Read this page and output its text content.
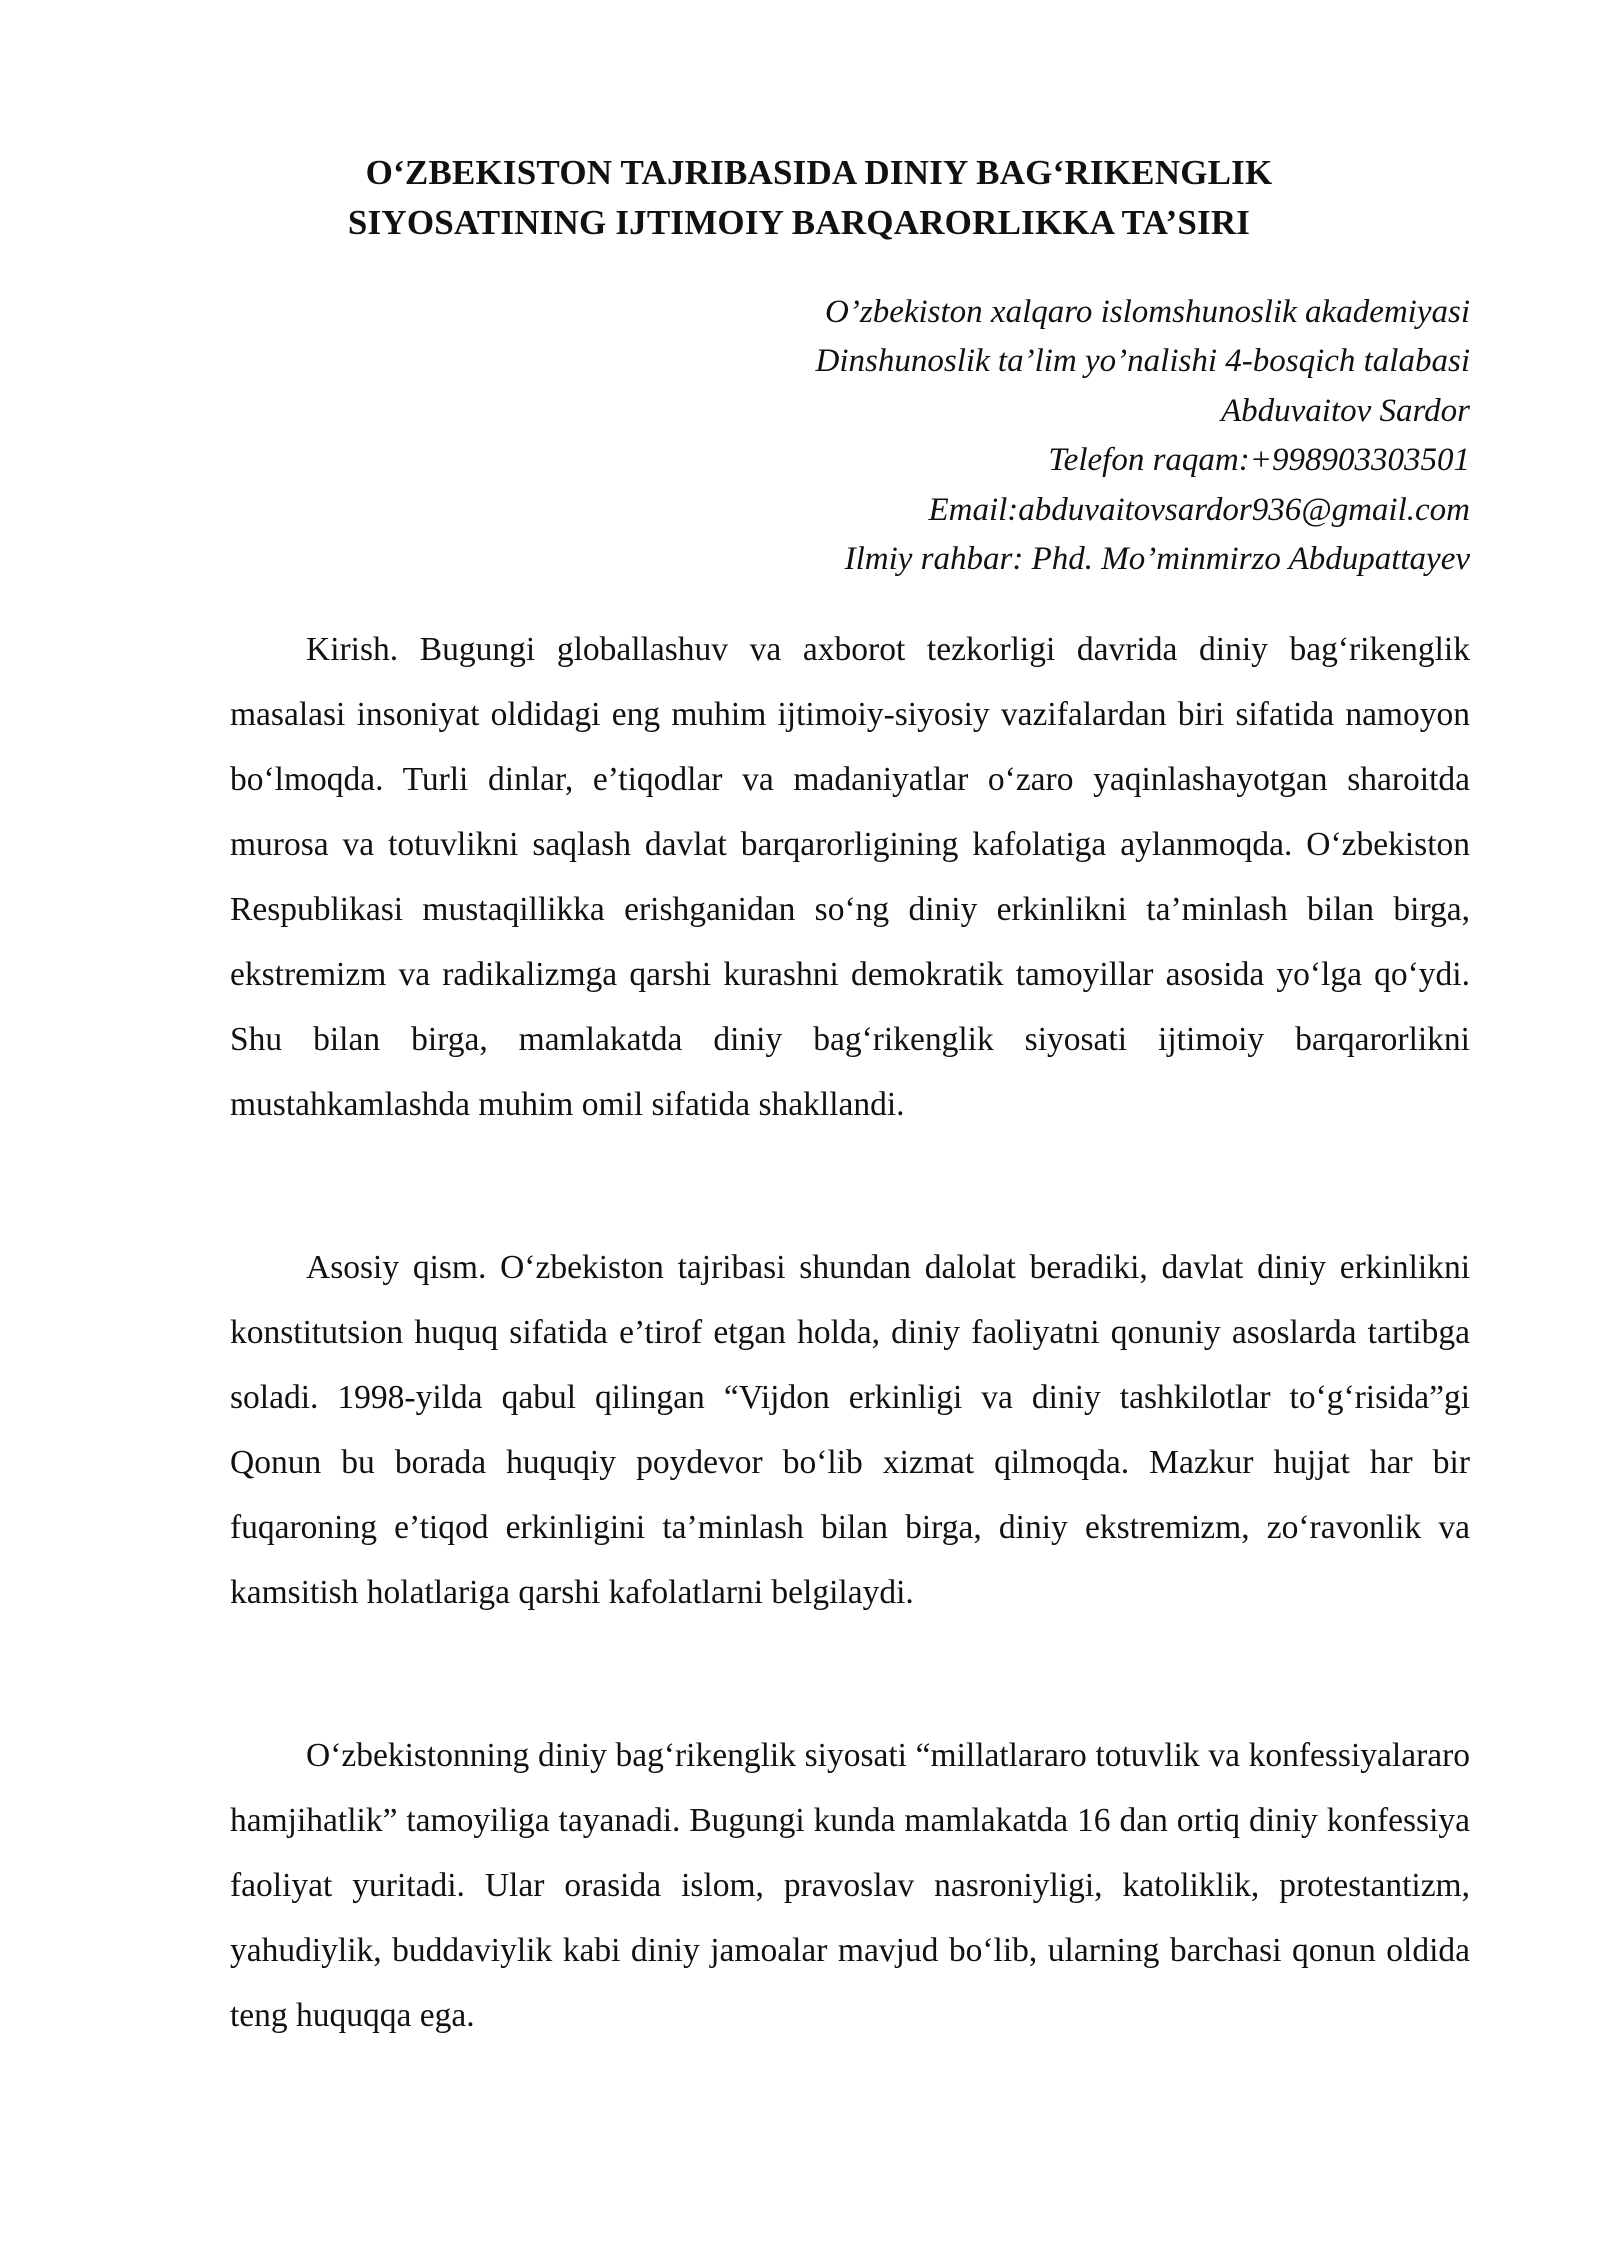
O‘ZBEKISTON TAJRIBASIDA DINIY BAG‘RIKENGLIK
SIYOSATINING IJTIMOIY BARQARORLIKKA TA’SIRI
O’zbekiston xalqaro islomshunoslik akademiyasi
Dinshunoslik ta’lim yo’nalishi 4-bosqich talabasi
Abduvaitov Sardor
Telefon raqam:+998903303501
Email:abduvaitovsardor936@gmail.com
Ilmiy rahbar: Phd. Mo’minmirzo Abdupattayev

Kirish. Bugungi globallashuv va axborot tezkorligi davrida diniy bag‘rikenglik masalasi insoniyat oldidagi eng muhim ijtimoiy-siyosiy vazifalardan biri sifatida namoyon bo‘lmoqda. Turli dinlar, e’tiqodlar va madaniyatlar o‘zaro yaqinlashayotgan sharoitda murosa va totuvlikni saqlash davlat barqarorligining kafolatiga aylanmoqda. O‘zbekiston Respublikasi mustaqillikka erishganidan so‘ng diniy erkinlikni ta’minlash bilan birga, ekstremizm va radikalizmga qarshi kurashni demokratik tamoyillar asosida yo‘lga qo‘ydi. Shu bilan birga, mamlakatda diniy bag‘rikenglik siyosati ijtimoiy barqarorlikni mustahkamlashda muhim omil sifatida shakllandi.

Asosiy qism. O‘zbekiston tajribasi shundan dalolat beradiki, davlat diniy erkinlikni konstitutsion huquq sifatida e’tirof etgan holda, diniy faoliyatni qonuniy asoslarda tartibga soladi. 1998-yilda qabul qilingan “Vijdon erkinligi va diniy tashkilotlar to‘g‘risida”gi Qonun bu borada huquqiy poydevor bo‘lib xizmat qilmoqda. Mazkur hujjat har bir fuqaroning e’tiqod erkinligini ta’minlash bilan birga, diniy ekstremizm, zo‘ravonlik va kamsitish holatlariga qarshi kafolatlarni belgilaydi.

O‘zbekistonning diniy bag‘rikenglik siyosati “millatlararo totuvlik va konfessiyalararo hamjihatlik” tamoyiliga tayanadi. Bugungi kunda mamlakatda 16 dan ortiq diniy konfessiya faoliyat yuritadi. Ular orasida islom, pravoslav nasroniyligi, katoliklik, protestantizm, yahudiylik, buddaviylik kabi diniy jamoalar mavjud bo‘lib, ularning barchasi qonun oldida teng huquqqa ega.
